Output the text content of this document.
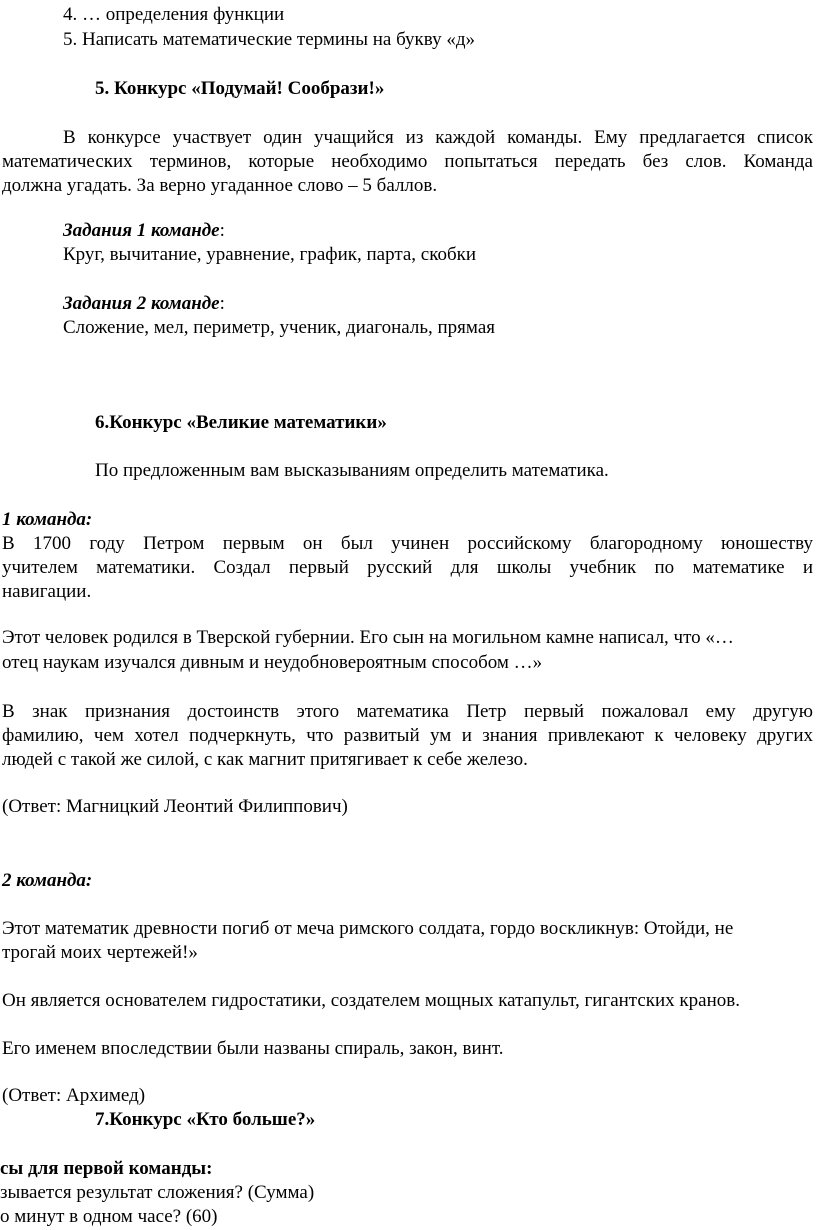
4. … определения функции
5. Написать математические термины на букву «д»
5. Конкурс «Подумай! Сообрази!»
В конкурсе участвует один учащийся из каждой команды. Ему предлагается список
математических терминов, которые необходимо попытаться передать без слов. Команда
должна угадать. За верно угаданное слово – 5 баллов.
Задания 1 команде:
Круг, вычитание, уравнение, график, парта, скобки
Задания 2 команде:
Сложение, мел, периметр, ученик, диагональ, прямая
6.Конкурс «Великие математики»
По предложенным вам высказываниям определить математика.
1 команда:
В 1700 году Петром первым он был учинен российскому благородному юношеству
учителем математики. Создал первый русский для школы учебник по математике и
навигации.
Этот человек родился в Тверской губернии. Его сын на могильном камне написал, что «…
отец наукам изучался дивным и неудобновероятным способом …»
В знак признания достоинств этого математика Петр первый пожаловал ему другую
фамилию, чем хотел подчеркнуть, что развитый ум и знания привлекают к человеку других
людей с такой же силой, с как магнит притягивает к себе железо.
(Ответ: Магницкий Леонтий Филиппович)
2 команда:
Этот математик древности погиб от меча римского солдата, гордо воскликнув: Отойди, не
трогай моих чертежей!»
Он является основателем гидростатики, создателем мощных катапульт, гигантских кранов.
Его именем впоследствии были названы спираль, закон, винт.
(Ответ: Архимед)
7.Конкурс «Кто больше?»
сы для первой команды:
зывается результат сложения? (Сумма)
о минут в одном часе? (60)
